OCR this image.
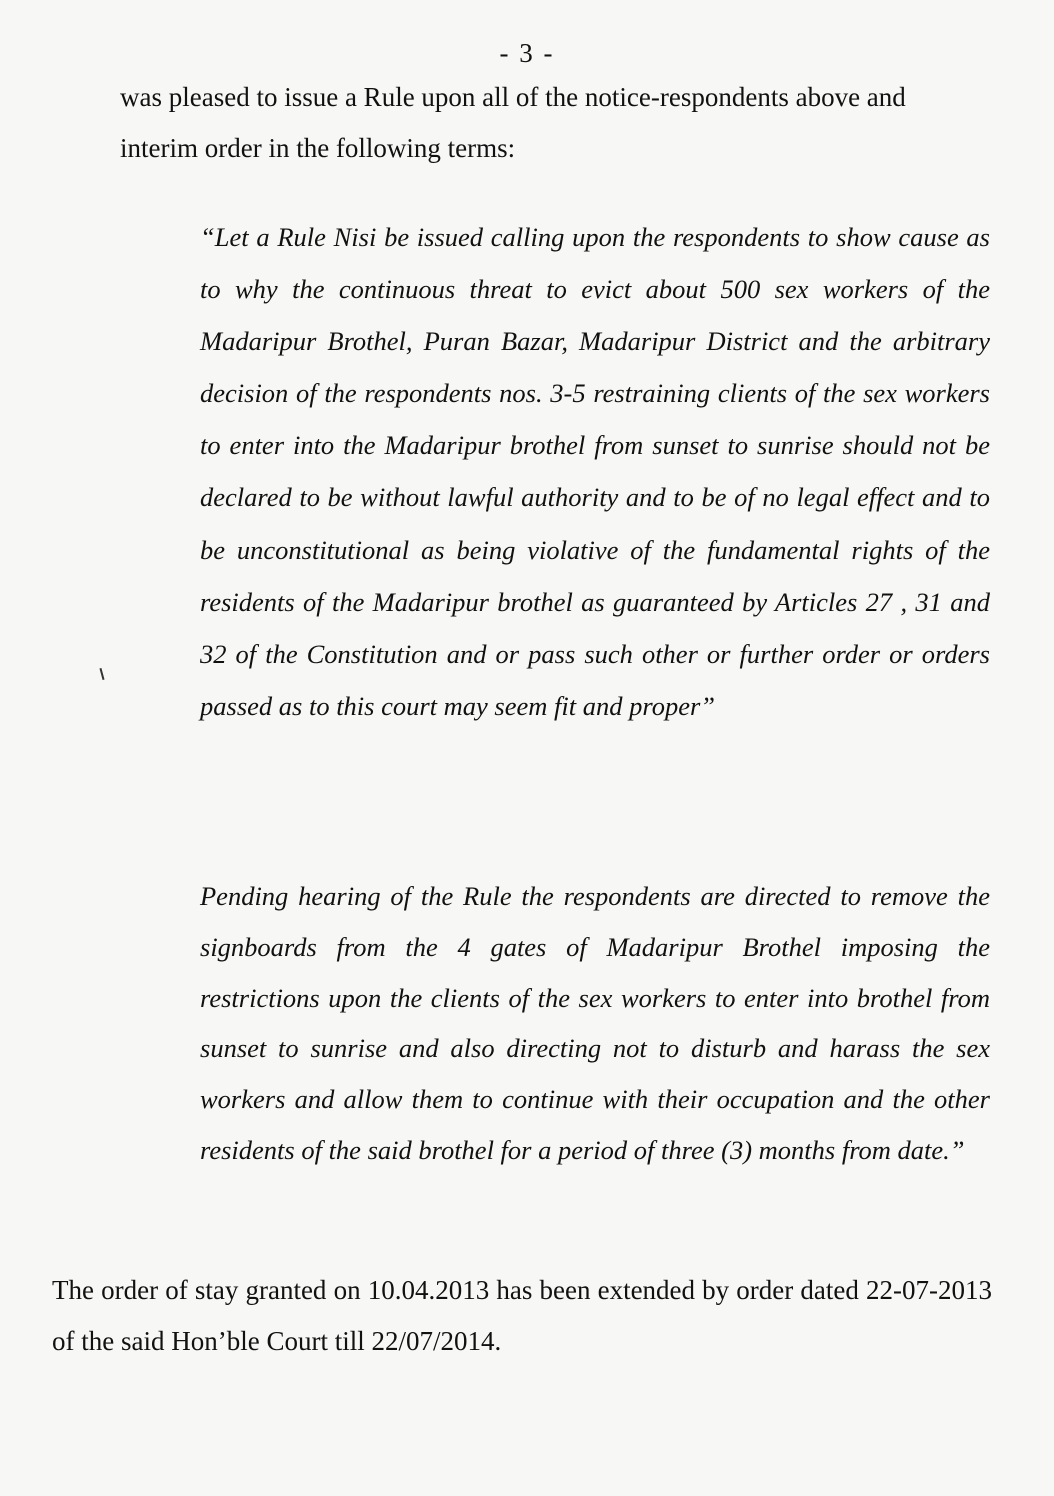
- 3 -

was pleased to issue a Rule upon all of the notice-respondents above and interim order in the following terms:

“Let a Rule Nisi be issued calling upon the respondents to show cause as to why the continuous threat to evict about 500 sex workers of the Madaripur Brothel, Puran Bazar, Madaripur District and the arbitrary decision of the respondents nos. 3-5 restraining clients of the sex workers to enter into the Madaripur brothel from sunset to sunrise should not be declared to be without lawful authority and to be of no legal effect and to be unconstitutional as being violative of the fundamental rights of the residents of the Madaripur brothel as guaranteed by Articles 27 , 31 and 32 of the Constitution and or pass such other or further order or orders passed as to this court may seem fit and proper”

Pending hearing of the Rule the respondents are directed to remove the signboards from the 4 gates of Madaripur Brothel imposing the restrictions upon the clients of the sex workers to enter into brothel from sunset to sunrise and also directing not to disturb and harass the sex workers and allow them to continue with their occupation and the other residents of the said brothel for a period of three (3) months from date.”

The order of stay granted on 10.04.2013 has been extended by order dated 22-07-2013 of the said Hon’ble Court till 22/07/2014.
